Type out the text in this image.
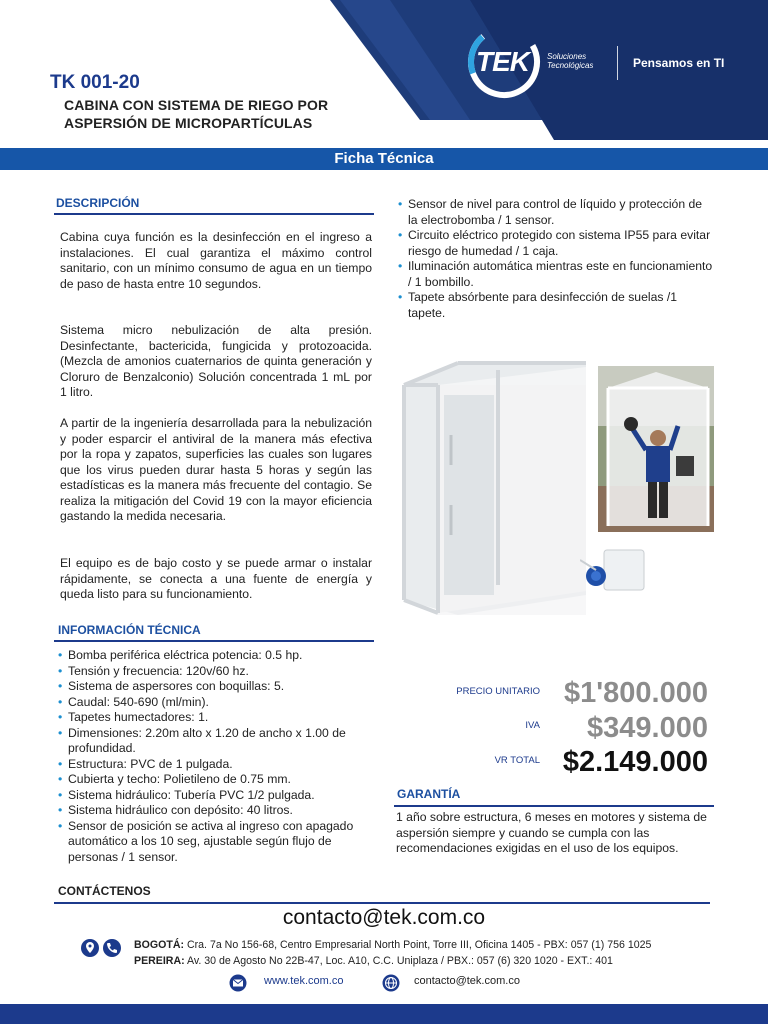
TK 001-20
CABINA CON SISTEMA DE RIEGO POR
ASPERSIÓN DE MICROPARTÍCULAS
TEK Soluciones
Tecnológicas	Pensamos en TI
Ficha Técnica
DESCRIPCIÓN
Cabina cuya función es la desinfección en el ingreso a instalaciones. El cual garantiza el máximo control sanitario, con un mínimo consumo de agua en un tiempo de paso de hasta entre 10 segundos.
Sistema micro nebulización de alta presión. Desinfectante, bactericida, fungicida y protozoacida. (Mezcla de amonios cuaternarios de quinta generación y Cloruro de Benzalconio) Solución concentrada 1 mL por 1 litro.
A partir de la ingeniería desarrollada para la nebulización y poder esparcir el antiviral de la manera más efectiva por la ropa y zapatos, superficies las cuales son lugares que los virus pueden durar hasta 5 horas y según las estadísticas es la manera más frecuente del contagio. Se realiza la mitigación del Covid 19 con la mayor eficiencia gastando la medida necesaria.
El equipo es de bajo costo y se puede armar o instalar rápidamente, se conecta a una fuente de energía y queda listo para su funcionamiento.
• Sensor de nivel para control de líquido y protección de la electrobomba / 1 sensor.
• Circuito eléctrico protegido con sistema IP55 para evitar riesgo de humedad / 1 caja.
• Iluminación automática mientras este en funcionamiento / 1 bombillo.
• Tapete absórbente para desinfección de suelas /1 tapete.
INFORMACIÓN TÉCNICA
• Bomba periférica eléctrica potencia: 0.5 hp.
• Tensión y frecuencia: 120v/60 hz.
• Sistema de aspersores con boquillas: 5.
• Caudal: 540-690 (ml/min).
• Tapetes humectadores: 1.
• Dimensiones: 2.20m alto x 1.20 de ancho x 1.00 de profundidad.
• Estructura: PVC de 1 pulgada.
• Cubierta y techo: Polietileno de 0.75 mm.
• Sistema hidráulico: Tubería PVC 1/2 pulgada.
• Sistema hidráulico con depósito: 40 litros.
• Sensor de posición se activa al ingreso con apagado automático a los 10 seg, ajustable según flujo de personas / 1 sensor.
PRECIO UNITARIO $1'800.000
IVA	$349.000
VR TOTAL $2.149.000
GARANTÍA
1 año sobre estructura, 6 meses en motores y sistema de aspersión siempre y cuando se cumpla con las recomendaciones exigidas en el uso de los equipos.
CONTÁCTENOS
contacto@tek.com.co
BOGOTÁ: Cra. 7a No 156-68, Centro Empresarial North Point, Torre III, Oficina 1405 - PBX: 057 (1) 756 1025
PEREIRA: Av. 30 de Agosto No 22B-47, Loc. A10, C.C. Uniplaza / PBX.: 057 (6) 320 1020 - EXT.: 401
www.tek.com.co	contacto@tek.com.co
